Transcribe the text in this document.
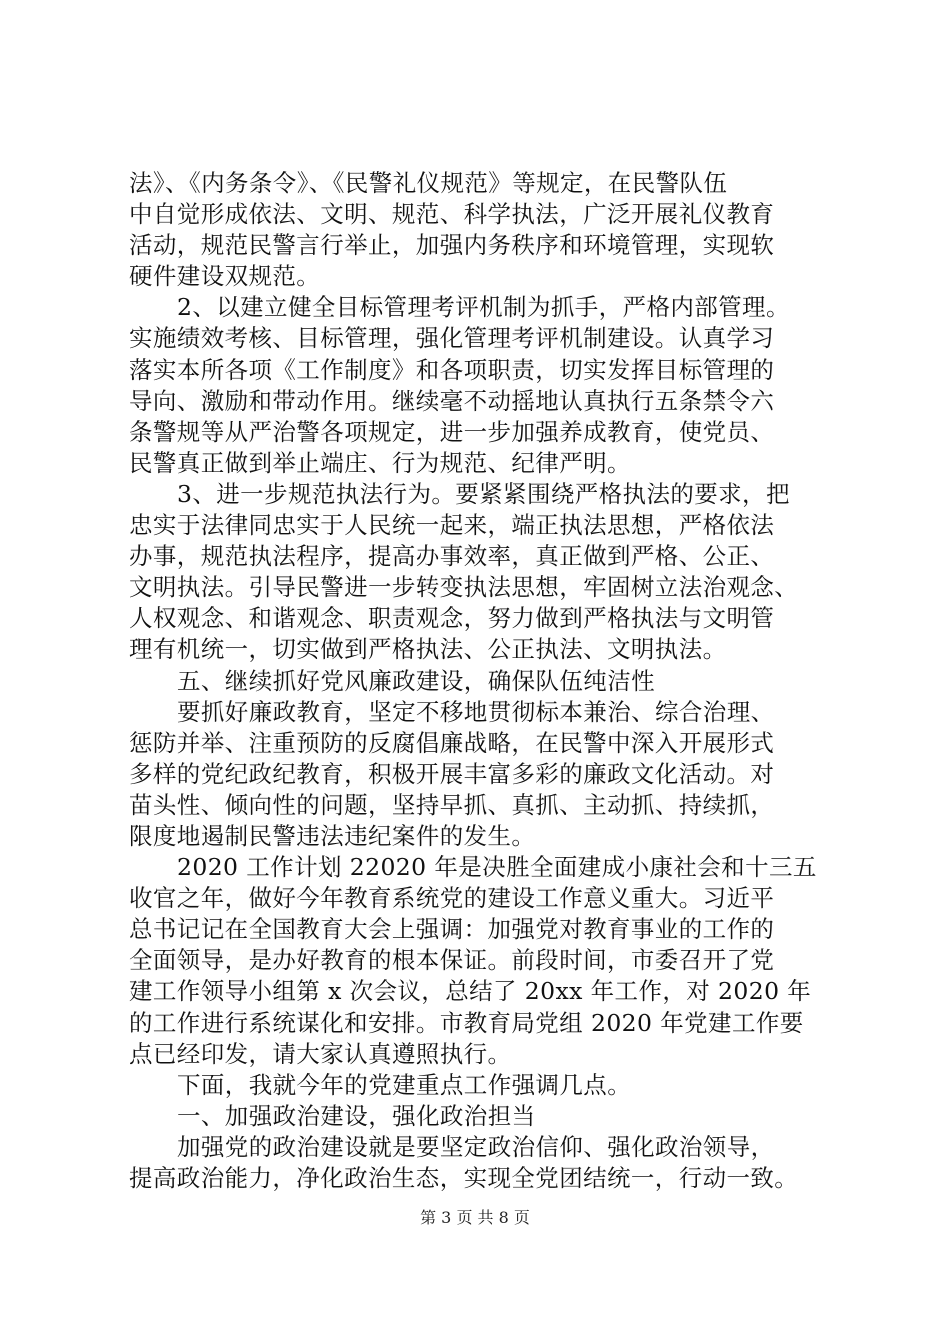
法》、《内务条令》、《民警礼仪规范》等规定，在民警队伍
中自觉形成依法、文明、规范、科学执法，广泛开展礼仪教育
活动，规范民警言行举止，加强内务秩序和环境管理，实现软
硬件建设双规范。
2、以建立健全目标管理考评机制为抓手，严格内部管理。
实施绩效考核、目标管理，强化管理考评机制建设。认真学习
落实本所各项《工作制度》和各项职责，切实发挥目标管理的
导向、激励和带动作用。继续毫不动摇地认真执行五条禁令六
条警规等从严治警各项规定，进一步加强养成教育，使党员、
民警真正做到举止端庄、行为规范、纪律严明。
3、进一步规范执法行为。要紧紧围绕严格执法的要求，把
忠实于法律同忠实于人民统一起来，端正执法思想，严格依法
办事，规范执法程序，提高办事效率，真正做到严格、公正、
文明执法。引导民警进一步转变执法思想，牢固树立法治观念、
人权观念、和谐观念、职责观念，努力做到严格执法与文明管
理有机统一，切实做到严格执法、公正执法、文明执法。
五、继续抓好党风廉政建设，确保队伍纯洁性
要抓好廉政教育，坚定不移地贯彻标本兼治、综合治理、
惩防并举、注重预防的反腐倡廉战略，在民警中深入开展形式
多样的党纪政纪教育，积极开展丰富多彩的廉政文化活动。对
苗头性、倾向性的问题，坚持早抓、真抓、主动抓、持续抓，
限度地遏制民警违法违纪案件的发生。
2020 工作计划 22020 年是决胜全面建成小康社会和十三五
收官之年，做好今年教育系统党的建设工作意义重大。习近平
总书记记在全国教育大会上强调：加强党对教育事业的工作的
全面领导，是办好教育的根本保证。前段时间，市委召开了党
建工作领导小组第 x 次会议，总结了 20xx 年工作，对 2020 年
的工作进行系统谋化和安排。市教育局党组 2020 年党建工作要
点已经印发，请大家认真遵照执行。
下面，我就今年的党建重点工作强调几点。
一、加强政治建设，强化政治担当
加强党的政治建设就是要坚定政治信仰、强化政治领导，
提高政治能力，净化政治生态，实现全党团结统一，行动一致。
第 3 页 共 8 页
